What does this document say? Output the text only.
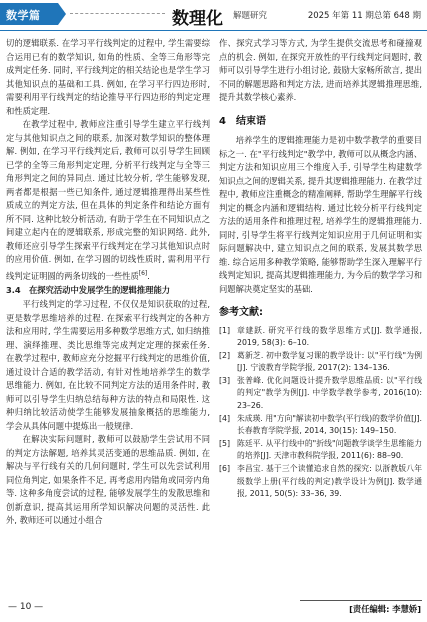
数学篇	数理化 解题研究	2025 年第 11 期总第 648 期

切的逻辑联系. 在学习平行线判定的过程中, 学生需要综合运用已有的数学知识, 如角的性质、全等三角形等完成判定任务. 同时, 平行线判定的相关结论也是学生学习其他知识点的基础和工具. 例如, 在学习平行四边形时, 需要利用平行线判定的结论推导平行四边形的判定定理和性质定理.

在教学过程中, 教师应注重引导学生建立平行线判定与其他知识点之间的联系, 加深对数学知识的整体理解. 例如, 在学习平行线判定后, 教师可以引导学生回顾已学的全等三角形判定定理, 分析平行线判定与全等三角形判定之间的异同点. 通过比较分析, 学生能够发现, 两者都是根据一些已知条件, 通过逻辑推理得出某些性质成立的判定方法, 但在具体的判定条件和结论方面有所不同. 这种比较分析活动, 有助于学生在不同知识点之间建立起内在的逻辑联系, 形成完整的知识网络. 此外, 教师还应引导学生探索平行线判定在学习其他知识点时的应用价值. 例如, 在学习圆的切线性质时, 需利用平行线判定证明圆的两条切线的一些性质[6].

3.4　在探究活动中发展学生的逻辑推理能力

平行线判定的学习过程, 不仅仅是知识获取的过程, 更是数学思维培养的过程. 在探索平行线判定的各种方法和应用时, 学生需要运用多种数学思维方式, 如归纳推理、演绎推理、类比思维等完成判定定理的探索任务. 在教学过程中, 教师应充分挖掘平行线判定的思维价值, 通过设计合适的教学活动, 有针对性地培养学生的数学思维能力. 例如, 在比较不同判定方法的适用条件时, 教师可以引导学生归纳总结每种方法的特点和局限性. 这种归纳比较活动使学生能够发展抽象概括的思维能力, 学会从具体问题中提炼出一般规律.

在解决实际问题时, 教师可以鼓励学生尝试用不同的判定方法解题, 培养其灵活变通的思维品质. 例如, 在解决与平行线有关的几何问题时, 学生可以先尝试利用同位角判定, 如果条件不足, 再考虑用内错角或同旁内角等. 这种多角度尝试的过程, 能够发展学生的发散思维和创新意识, 提高其运用所学知识解决问题的灵活性. 此外, 教师还可以通过小组合

作、探究式学习等方式, 为学生提供交流思考和碰撞观点的机会. 例如, 在探究开放性的平行线判定问题时, 教师可以引导学生进行小组讨论, 鼓励大家畅所欲言, 提出不同的解题思路和判定方法, 进而培养其逻辑推理思维, 提升其数学核心素养.

4　结束语

培养学生的逻辑推理能力是初中数学教学的重要目标之一. 在"平行线判定"教学中, 教师可以从概念内涵、判定方法和知识应用三个维度入手, 引导学生构建数学知识点之间的逻辑关系, 提升其逻辑推理能力. 在教学过程中, 教师应注重概念的精准阐释, 帮助学生理解平行线判定的概念内涵和逻辑结构. 通过比较分析平行线判定方法的适用条件和推理过程, 培养学生的逻辑推理能力. 同时, 引导学生将平行线判定知识应用于几何证明和实际问题解决中, 建立知识点之间的联系, 发展其数学思维. 综合运用多种教学策略, 能够帮助学生深入理解平行线判定知识, 提高其逻辑推理能力, 为今后的数学学习和问题解决奠定坚实的基础.

参考文献:

[1] 章建跃. 研究平行线的数学思维方式[J]. 数学通报, 2019, 58(3): 6–10.
[2] 葛新芝. 初中数学复习课的教学设计: 以"平行线"为例[J]. 宁波教育学院学报, 2017(2): 134–136.
[3] 张普峰. 优化问题设计提升数学思维品质: 以"平行线的判定"教学为例[J]. 中学数学教学参考, 2016(10): 23–26.
[4] 朱成瑛. 用"方向"解读初中数学(平行线)的数学价值[J]. 长春教育学院学报, 2014, 30(15): 149–150.
[5] 陈廷平. 从平行线中的"折线"问题教学谈学生思维能力的培养[J]. 天津市教科院学报, 2011(6): 88–90.
[6] 李昌宝. 基于三个读懂追求自然的探究: 以浙教版八年级数学上册(平行线的判定)教学设计为例[J]. 数学通报, 2011, 50(5): 33–36, 39.
— 10 —	[责任编辑: 李慧娇]
